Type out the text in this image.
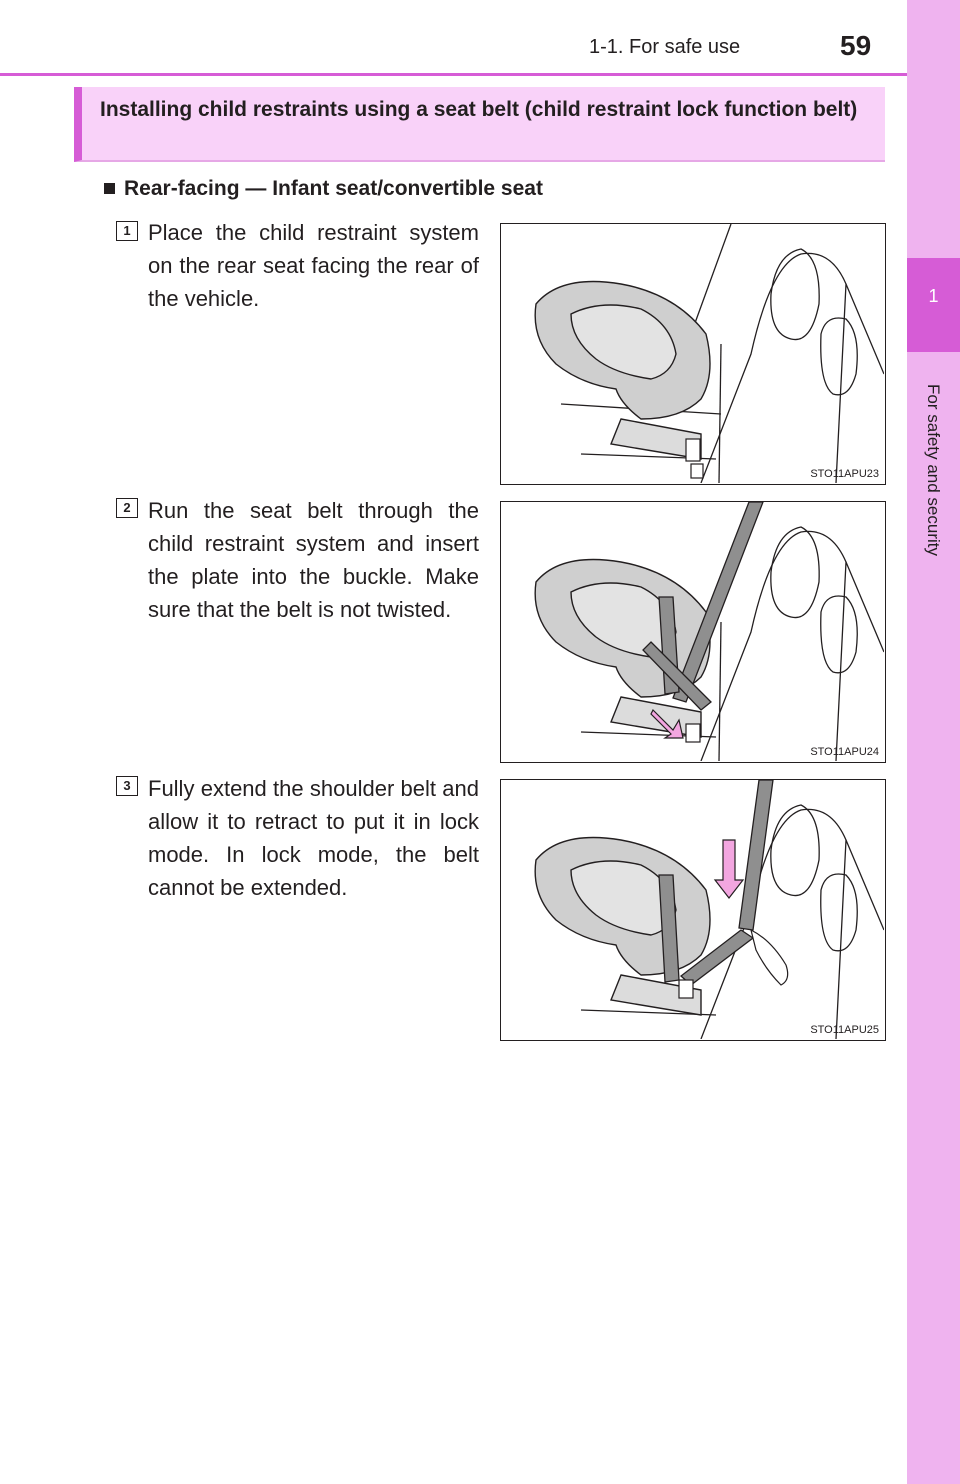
1
For safety and security
1-1. For safe use	59
Installing child restraints using a seat belt (child restraint lock function belt)
Rear-facing — Infant seat/convertible seat
1 Place the child restraint system on the rear seat facing the rear of the vehicle.
STO11APU23
2 Run the seat belt through the child restraint system and insert the plate into the buckle. Make sure that the belt is not twisted.
STO11APU24
3 Fully extend the shoulder belt and allow it to retract to put it in lock mode. In lock mode, the belt cannot be extended.
STO11APU25
